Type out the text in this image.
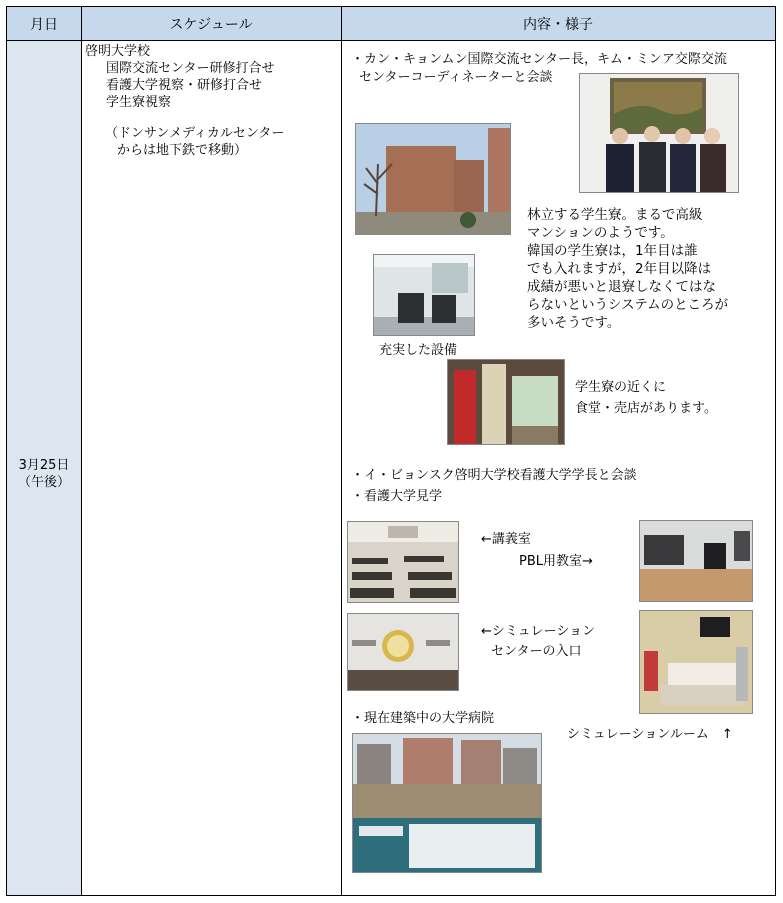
月日	スケジュール	内容・様子
3月25日
（午後）
啓明大学校
国際交流センター研修打合せ
看護大学視察・研修打合せ
学生寮視察
（ドンサンメディカルセンター
からは地下鉄で移動）
・カン・キョンムン国際交流センター長，キム・ミンア交際交流
センターコーディネーターと会談
林立する学生寮。まるで高級
マンションのようです。
韓国の学生寮は，1年目は誰
でも入れますが，2年目以降は
成績が悪いと退寮しなくてはな
らないというシステムのところが
多いそうです。
充実した設備
学生寮の近くに
食堂・売店があります。
・イ・ビョンスク啓明大学校看護大学学長と会談
・看護大学見学
←講義室
PBL用教室→
←シミュレーション
センターの入口
・現在建築中の大学病院
シミュレーションルーム　↑
